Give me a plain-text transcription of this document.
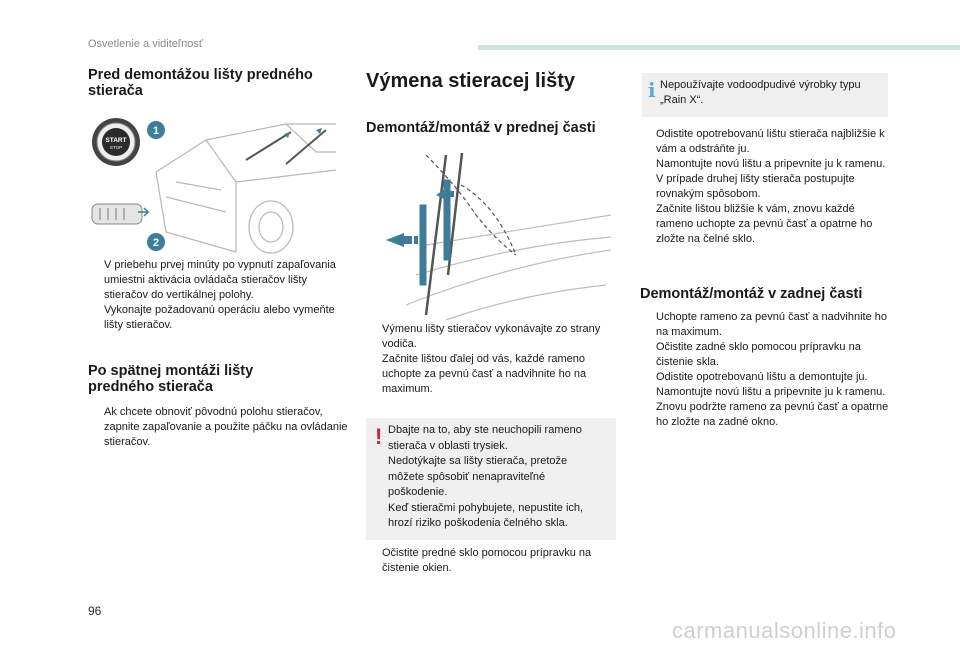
Osvetlenie a viditeľnosť
Pred demontážou lišty predného
stierača
START
STOP
1
2
V priebehu prvej minúty po vypnutí zapaľovania umiestni aktivácia ovládača stieračov lišty stieračov do vertikálnej polohy.
Vykonajte požadovanú operáciu alebo vymeňte lišty stieračov.
Po spätnej montáži lišty
predného stierača
Ak chcete obnoviť pôvodnú polohu stieračov, zapnite zapaľovanie a použite páčku na ovládanie stieračov.
Výmena stieracej lišty
Demontáž/montáž v prednej časti
Výmenu lišty stieračov vykonávajte zo strany vodiča.
Začnite lištou ďalej od vás, každé rameno uchopte za pevnú časť a nadvihnite ho na maximum.
! Dbajte na to, aby ste neuchopili rameno
stierača v oblasti trysiek.
Nedotýkajte sa lišty stierača, pretože
môžete spôsobiť nenapraviteľné
poškodenie.
Keď stieračmi pohybujete, nepustite ich,
hrozí riziko poškodenia čelného skla.
Očistite predné sklo pomocou prípravku na čistenie okien.
i Nepoužívajte vodoodpudivé výrobky typu
„Rain X“.
Odistite opotrebovanú lištu stierača najbližšie k vám a odstráňte ju.
Namontujte novú lištu a pripevnite ju k ramenu.
V prípade druhej lišty stierača postupujte rovnakým spôsobom.
Začnite lištou bližšie k vám, znovu každé rameno uchopte za pevnú časť a opatrne ho zložte na čelné sklo.
Demontáž/montáž v zadnej časti
Uchopte rameno za pevnú časť a nadvihnite ho na maximum.
Očistite zadné sklo pomocou prípravku na čistenie skla.
Odistite opotrebovanú lištu a demontujte ju.
Namontujte novú lištu a pripevnite ju k ramenu.
Znovu podržte rameno za pevnú časť a opatrne ho zložte na zadné okno.
96
carmanualsonline.info
